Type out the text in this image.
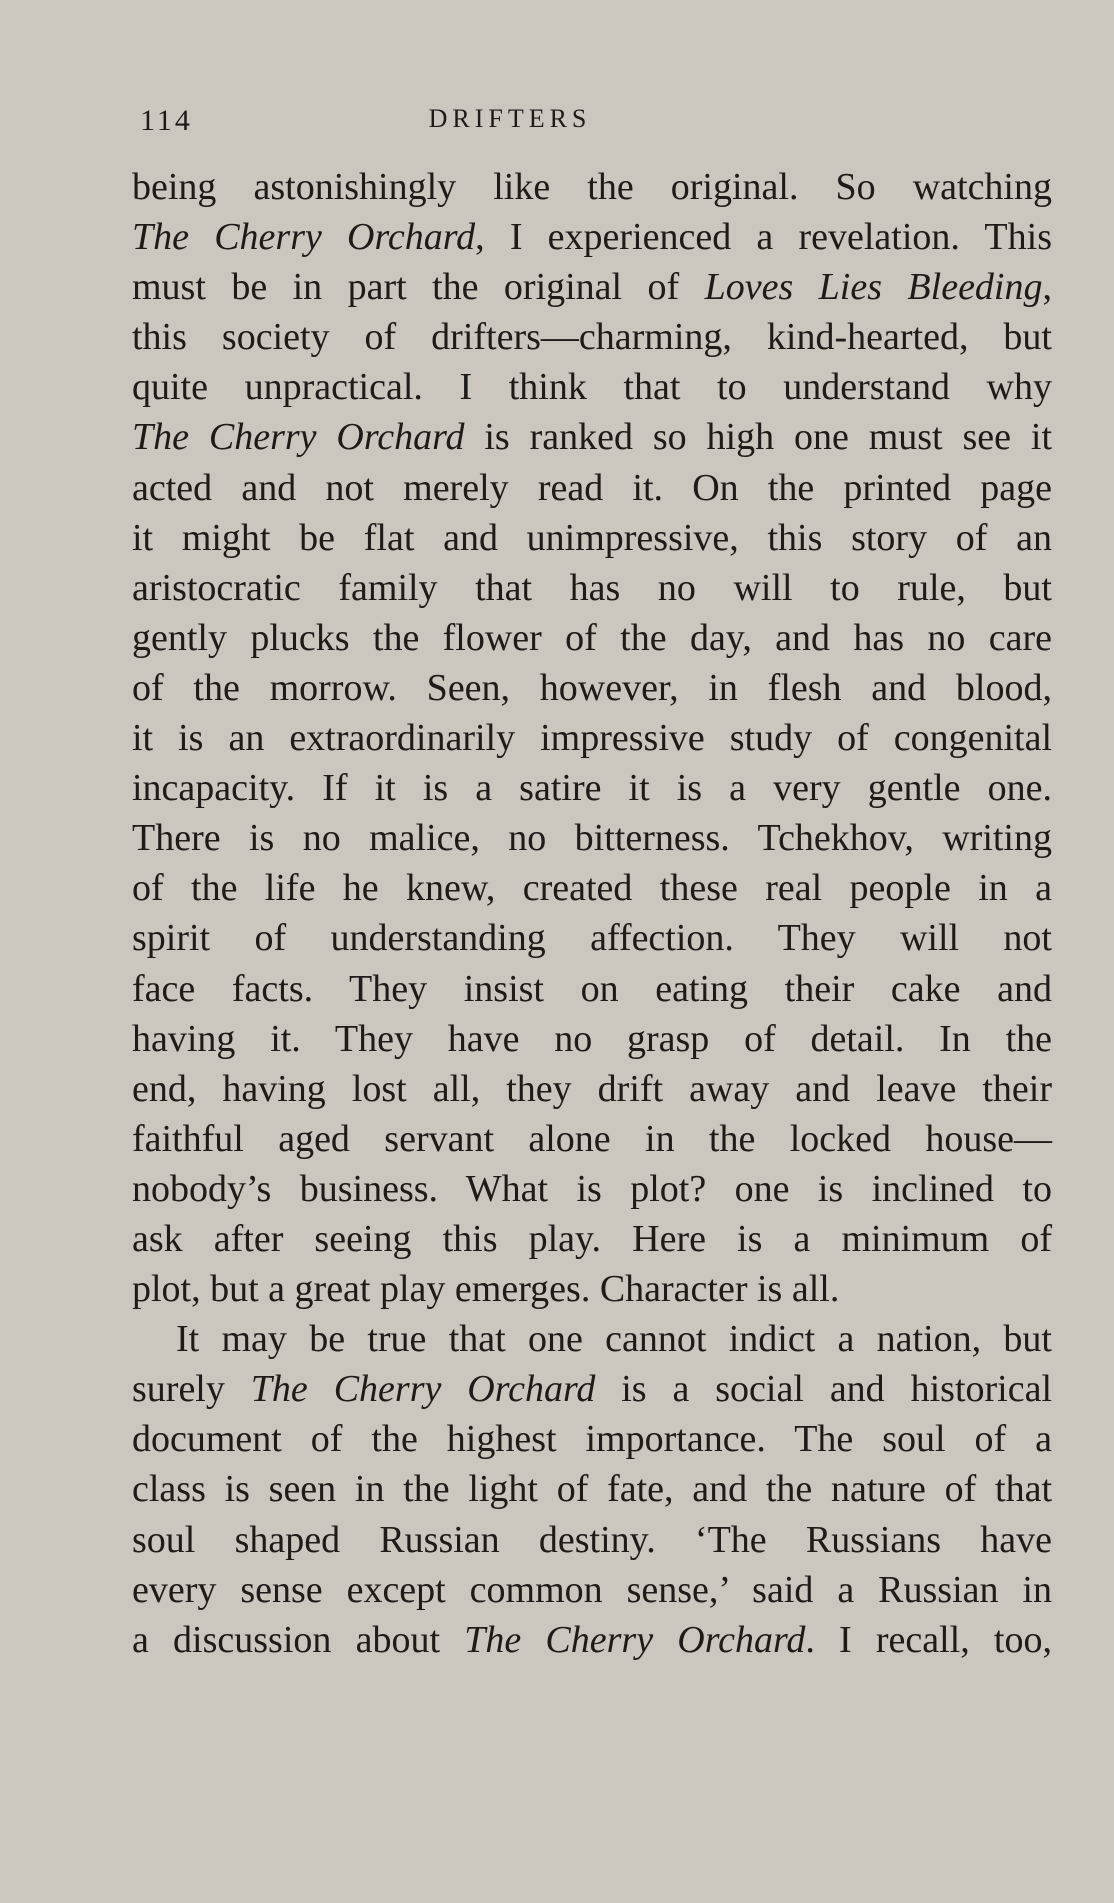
114	DRIFTERS
being astonishingly like the original. So watching
The Cherry Orchard, I experienced a revelation. This
must be in part the original of Loves Lies Bleeding,
this society of drifters—charming, kind-hearted, but
quite unpractical. I think that to understand why
The Cherry Orchard is ranked so high one must see it
acted and not merely read it. On the printed page
it might be flat and unimpressive, this story of an
aristocratic family that has no will to rule, but
gently plucks the flower of the day, and has no care
of the morrow. Seen, however, in flesh and blood,
it is an extraordinarily impressive study of congenital
incapacity. If it is a satire it is a very gentle one.
There is no malice, no bitterness. Tchekhov, writing
of the life he knew, created these real people in a
spirit of understanding affection. They will not
face facts. They insist on eating their cake and
having it. They have no grasp of detail. In the
end, having lost all, they drift away and leave their
faithful aged servant alone in the locked house—
nobody’s business. What is plot? one is inclined to
ask after seeing this play. Here is a minimum of
plot, but a great play emerges. Character is all.
It may be true that one cannot indict a nation, but
surely The Cherry Orchard is a social and historical
document of the highest importance. The soul of a
class is seen in the light of fate, and the nature of that
soul shaped Russian destiny. ‘The Russians have
every sense except common sense,’ said a Russian in
a discussion about The Cherry Orchard. I recall, too,
